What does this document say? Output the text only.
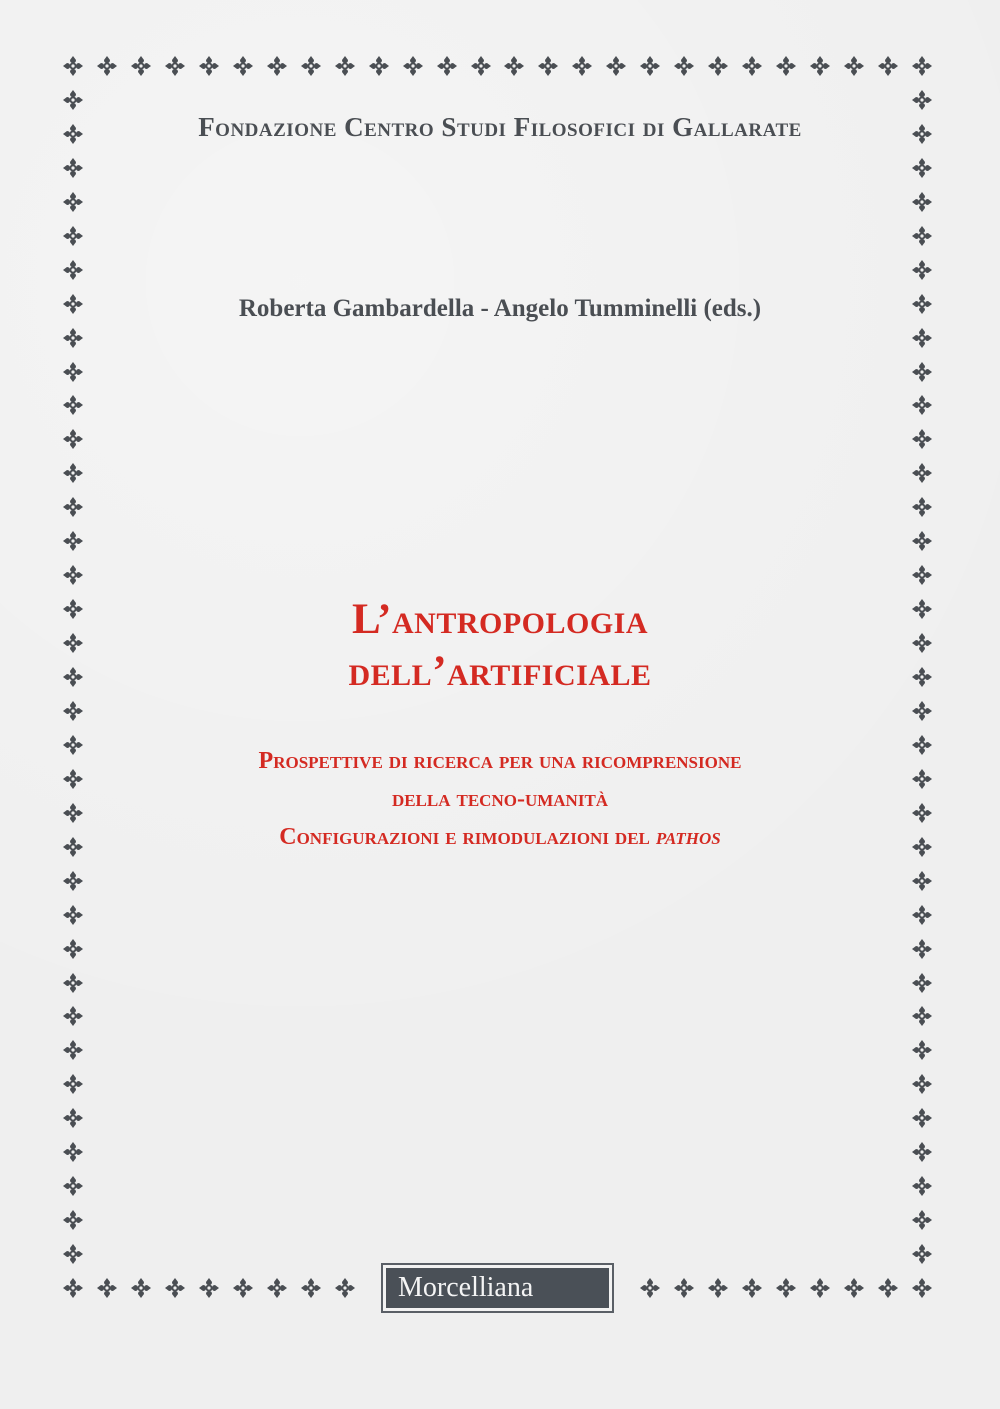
Fondazione Centro Studi Filosofici di Gallarate
Roberta Gambardella - Angelo Tumminelli (eds.)
L’antropologia
dell’artificiale
Prospettive di ricerca per una ricomprensione
della tecno-umanità
Configurazioni e rimodulazioni del pathos
Morcelliana
